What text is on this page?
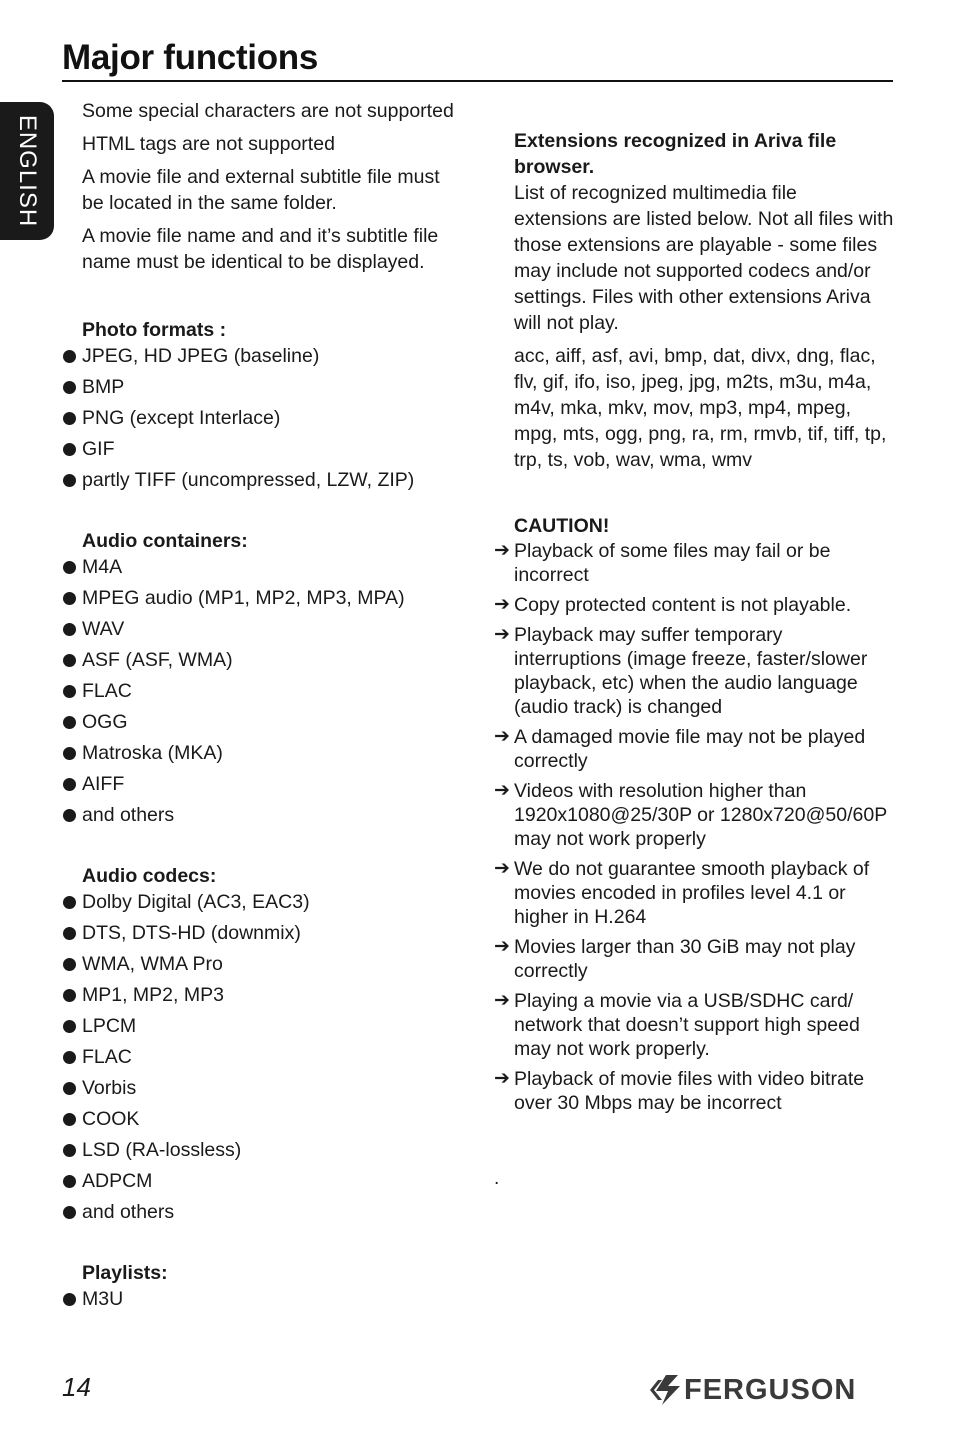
Major functions
ENGLISH

Some special characters are not supported

HTML tags are not supported

A movie file and external subtitle file must be located in the same folder.

A movie file name and and it’s subtitle file name must be identical to be displayed.

Photo formats :
JPEG, HD JPEG (baseline)
BMP
PNG (except Interlace)
GIF
partly TIFF (uncompressed, LZW, ZIP)
Audio containers:
M4A
MPEG audio (MP1, MP2, MP3, MPA)
WAV
ASF (ASF, WMA)
FLAC
OGG
Matroska (MKA)
AIFF
and others
Audio codecs:
Dolby Digital (AC3, EAC3)
DTS, DTS-HD (downmix)
WMA, WMA Pro
MP1, MP2, MP3
LPCM
FLAC
Vorbis
COOK
LSD (RA-lossless)
ADPCM
and others
Playlists:
M3U

Extensions recognized in Ariva file browser.

List of recognized multimedia file extensions are listed below. Not all files with those extensions are playable - some files may include not supported codecs and/or settings. Files with other extensions Ariva will not play.

acc, aiff, asf, avi, bmp, dat, divx, dng, flac, flv, gif, ifo, iso, jpeg, jpg, m2ts, m3u, m4a, m4v, mka, mkv, mov, mp3, mp4, mpeg, mpg, mts, ogg, png, ra, rm, rmvb, tif, tiff, tp, trp, ts, vob, wav, wma, wmv

CAUTION!

➔ Playback of some files may fail or be incorrect
➔ Copy protected content is not playable.
➔ Playback may suffer temporary interruptions (image freeze, faster/slower playback, etc) when the audio language (audio track) is changed
➔ A damaged movie file may not be played correctly
➔ Videos with resolution higher than 1920x1080@25/30P or 1280x720@50/60P may not work properly
➔ We do not guarantee smooth playback of movies encoded in profiles level 4.1 or higher in H.264
➔ Movies larger than 30 GiB may not play correctly
➔ Playing a movie via a USB/SDHC card/ network that doesn’t support high speed may not work properly.
➔ Playback of movie files with video bitrate over 30 Mbps may be incorrect
.
14	FERGUSON
